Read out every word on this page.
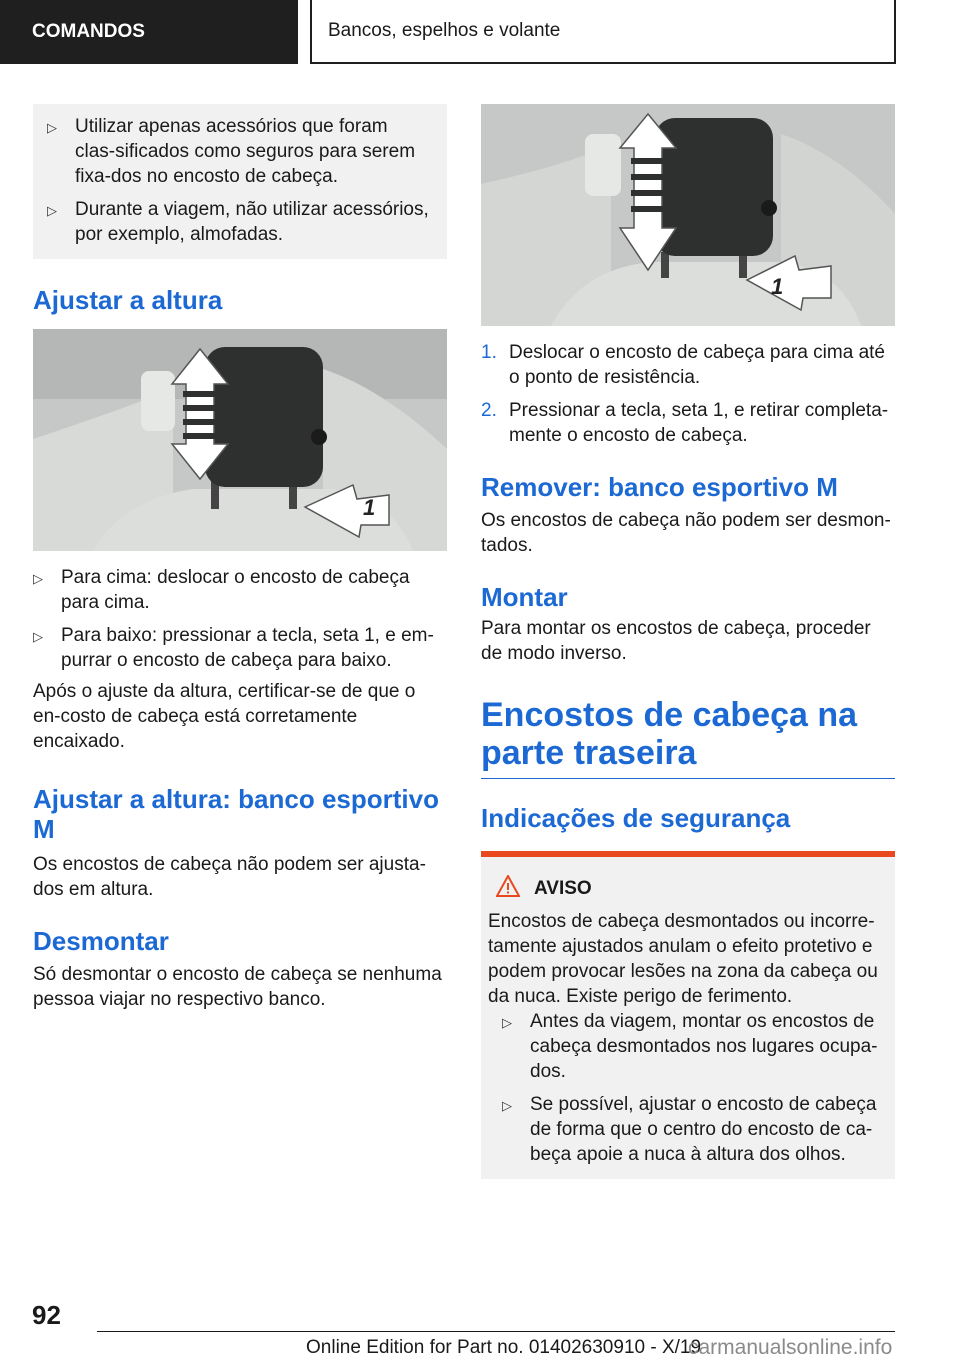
COMANDOS	Bancos, espelhos e volante
▷ Utilizar apenas acessórios que foram clas‐sificados como seguros para serem fixa‐dos no encosto de cabeça.
▷ Durante a viagem, não utilizar acessórios, por exemplo, almofadas.
Ajustar a altura
1
▷ Para cima: deslocar o encosto de cabeça para cima.
▷ Para baixo: pressionar a tecla, seta 1, e em‐purrar o encosto de cabeça para baixo.

Após o ajuste da altura, certificar-se de que o en‐costo de cabeça está corretamente encaixado.

Ajustar a altura: banco esportivo M

Os encostos de cabeça não podem ser ajusta‐dos em altura.

Desmontar

Só desmontar o encosto de cabeça se nenhuma pessoa viajar no respectivo banco.

1
1. Deslocar o encosto de cabeça para cima até o ponto de resistência.
2. Pressionar a tecla, seta 1, e retirar completa‐mente o encosto de cabeça.
Remover: banco esportivo M

Os encostos de cabeça não podem ser desmon‐tados.

Montar

Para montar os encostos de cabeça, proceder de modo inverso.

Encostos de cabeça na parte traseira
Indicações de segurança
AVISO

Encostos de cabeça desmontados ou incorre‐tamente ajustados anulam o efeito protetivo e podem provocar lesões na zona da cabeça ou da nuca. Existe perigo de ferimento.

▷ Antes da viagem, montar os encostos de cabeça desmontados nos lugares ocupa‐dos.
▷ Se possível, ajustar o encosto de cabeça de forma que o centro do encosto de ca‐beça apoie a nuca à altura dos olhos.
92
Online Edition for Part no. 01402630910 - X/19
carmanualsonline.info
